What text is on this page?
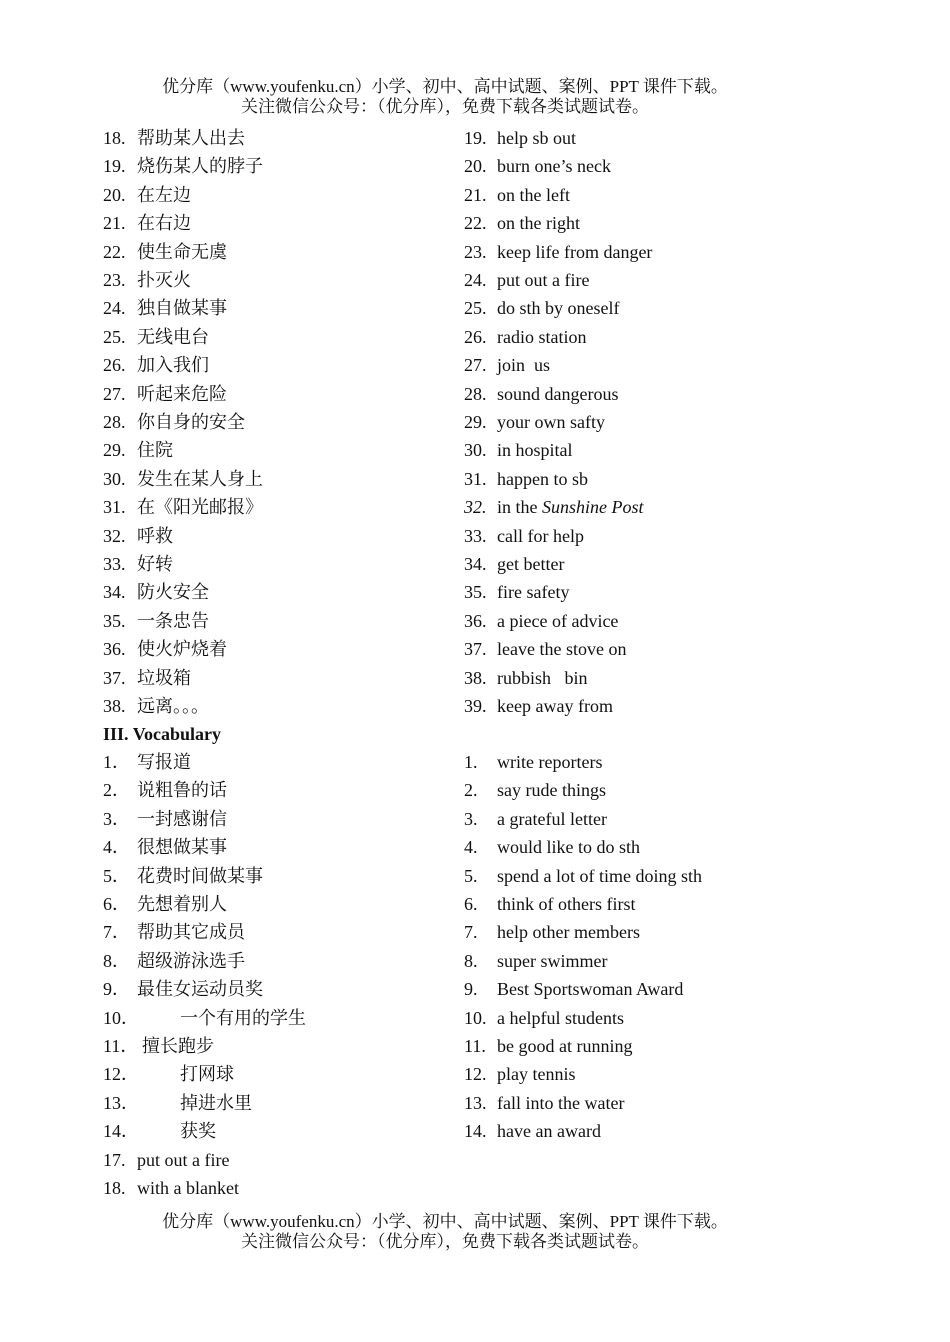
优分库（www.youfenku.cn）小学、初中、高中试题、案例、PPT 课件下载。
关注微信公众号：（优分库），免费下载各类试题试卷。
18. 帮助某人出去
19. 烧伤某人的脖子
20. 在左边
21. 在右边
22. 使生命无虞
23. 扑灭火
24. 独自做某事
25. 无线电台
26. 加入我们
27. 听起来危险
28. 你自身的安全
29. 住院
30. 发生在某人身上
31. 在《阳光邮报》
32. 呼救
33. 好转
34. 防火安全
35. 一条忠告
36. 使火炉烧着
37. 垃圾箱
38. 远离。。。
19. help sb out
20. burn one’s neck
21. on the left
22. on the right
23. keep life from danger
24. put out a fire
25. do sth by oneself
26. radio station
27. join  us
28. sound dangerous
29. your own safty
30. in hospital
31. happen to sb
32. in the Sunshine Post
33. call for help
34. get better
35. fire safety
36. a piece of advice
37. leave the stove on
38. rubbish   bin
39. keep away from
1． 写报道
2． 说粗鲁的话
3． 一封感谢信
4． 很想做某事
5． 花费时间做某事
6． 先想着别人
7． 帮助其它成员
8． 超级游泳选手
9． 最佳女运动员奖
10． 一个有用的学生
11． 擅长跑步
12． 打网球
13． 掉进水里
14． 获奖
1. write reporters
2. say rude things
3. a grateful letter
4. would like to do sth
5. spend a lot of time doing sth
6. think of others first
7. help other members
8. super swimmer
9. Best Sportswoman Award
10. a helpful students
11. be good at running
12. play tennis
13. fall into the water
14. have an award
17. put out a fire
18. with a blanket
III. Vocabulary
优分库（www.youfenku.cn）小学、初中、高中试题、案例、PPT 课件下载。
关注微信公众号：（优分库），免费下载各类试题试卷。
